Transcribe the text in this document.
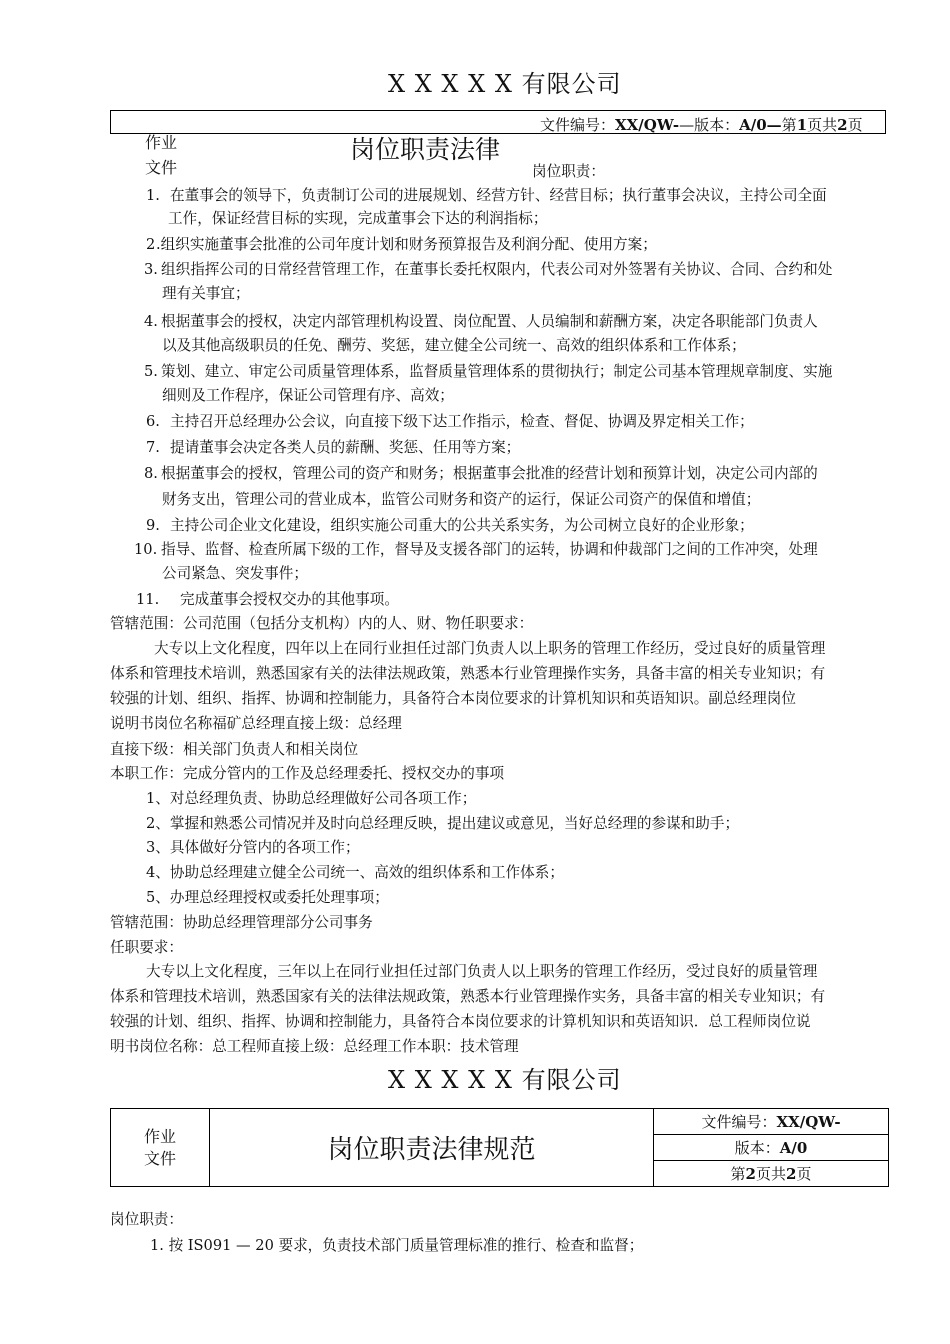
X X X X X 有限公司
文件编号：XX/QW-—版本：A/0—第1页共2页
作业
文件
岗位职责法律
岗位职责：
1. 在董事会的领导下，负责制订公司的进展规划、经营方针、经营目标；执行董事会决议，主持公司全面
工作，保证经营目标的实现，完成董事会下达的利润指标；
2 .组织实施董事会批准的公司年度计划和财务预算报告及利润分配、使用方案；
3. 组织指挥公司的日常经营管理工作，在董事长委托权限内，代表公司对外签署有关协议、合同、合约和处
理有关事宜；
4. 根据董事会的授权，决定内部管理机构设置、岗位配置、人员编制和薪酬方案，决定各职能部门负责人
以及其他高级职员的任免、酬劳、奖惩，建立健全公司统一、高效的组织体系和工作体系；
5. 策划、建立、审定公司质量管理体系，监督质量管理体系的贯彻执行；制定公司基本管理规章制度、实施
细则及工作程序，保证公司管理有序、高效；
6. 主持召开总经理办公会议，向直接下级下达工作指示，检查、督促、协调及界定相关工作；
7. 提请董事会决定各类人员的薪酬、奖惩、任用等方案；
8. 根据董事会的授权，管理公司的资产和财务；根据董事会批准的经营计划和预算计划，决定公司内部的
财务支出，管理公司的营业成本，监管公司财务和资产的运行，保证公司资产的保值和增值；
9. 主持公司企业文化建设，组织实施公司重大的公共关系实务，为公司树立良好的企业形象；
10. 指导、监督、检查所属下级的工作，督导及支援各部门的运转，协调和仲裁部门之间的工作冲突，处理
公司紧急、突发事件；
11. 完成董事会授权交办的其他事项。
管辖范围：公司范围（包括分支机构）内的人、财、物任职要求：
大专以上文化程度，四年以上在同行业担任过部门负责人以上职务的管理工作经历，受过良好的质量管理
体系和管理技术培训，熟悉国家有关的法律法规政策，熟悉本行业管理操作实务，具备丰富的相关专业知识；有
较强的计划、组织、指挥、协调和控制能力，具备符合本岗位要求的计算机知识和英语知识。副总经理岗位
说明书岗位名称福矿总经理直接上级：总经理
直接下级：相关部门负责人和相关岗位
本职工作：完成分管内的工作及总经理委托、授权交办的事项
1、对总经理负责、协助总经理做好公司各项工作；
2、掌握和熟悉公司情况并及时向总经理反映，提出建议或意见，当好总经理的参谋和助手；
3、具体做好分管内的各项工作；
4、协助总经理建立健全公司统一、高效的组织体系和工作体系；
5、办理总经理授权或委托处理事项；
管辖范围：协助总经理管理部分公司事务
任职要求：
大专以上文化程度，三年以上在同行业担任过部门负责人以上职务的管理工作经历，受过良好的质量管理
体系和管理技术培训，熟悉国家有关的法律法规政策，熟悉本行业管理操作实务，具备丰富的相关专业知识；有
较强的计划、组织、指挥、协调和控制能力，具备符合本岗位要求的计算机知识和英语知识．总工程师岗位说
明书岗位名称：总工程师直接上级：总经理工作本职：技术管理
X X X X X 有限公司
作业
文件	岗位职责法律规范	文件编号：XX/QW-
版本：A/0
第2页共2页
岗位职责：
1. 按 IS091 — 20 要求，负责技术部门质量管理标准的推行、检查和监督；
